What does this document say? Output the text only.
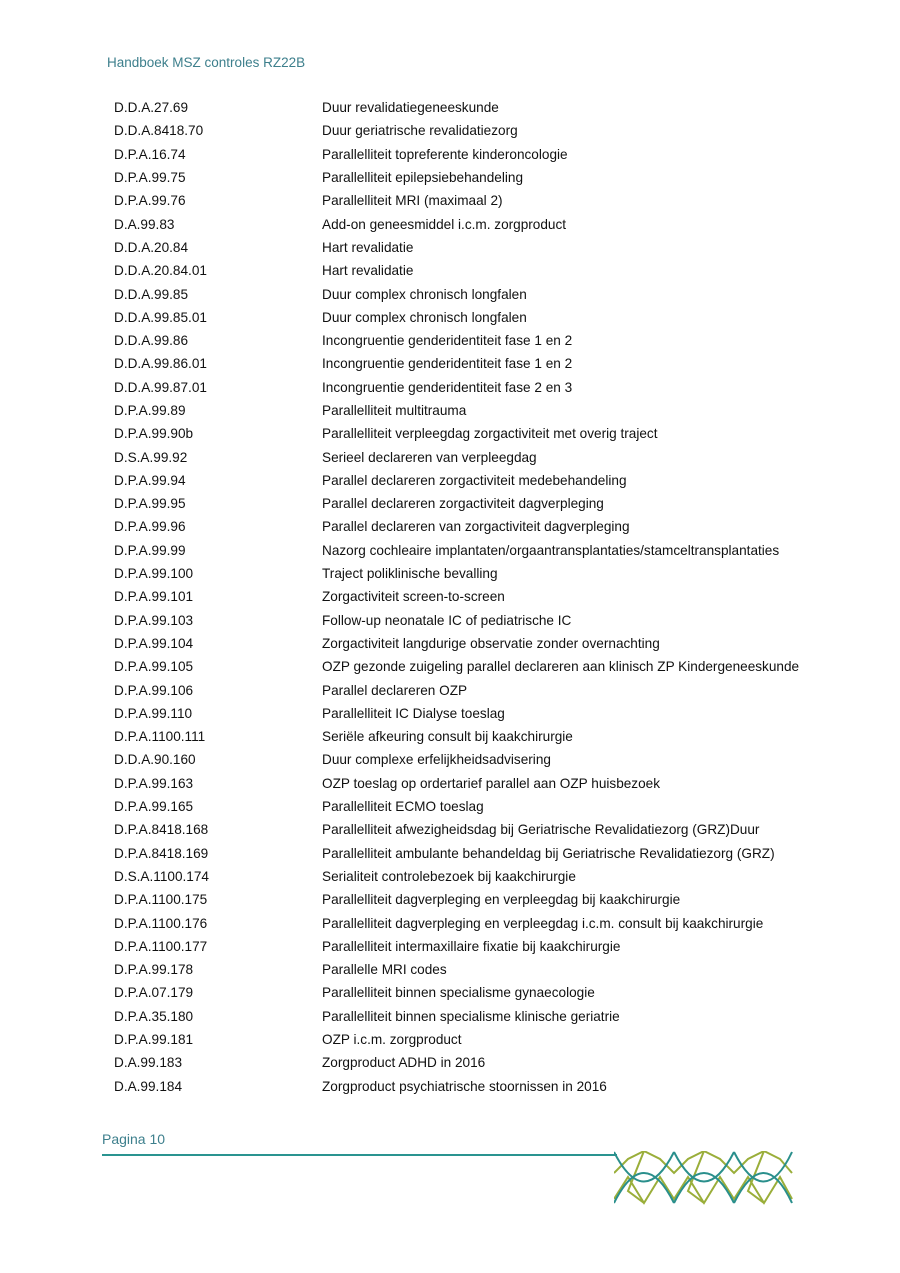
Handboek MSZ controles RZ22B
D.D.A.27.69	Duur revalidatiegeneeskunde
D.D.A.8418.70	Duur geriatrische revalidatiezorg
D.P.A.16.74	Parallelliteit topreferente kinderoncologie
D.P.A.99.75	Parallelliteit epilepsiebehandeling
D.P.A.99.76	Parallelliteit MRI (maximaal 2)
D.A.99.83	Add-on geneesmiddel i.c.m. zorgproduct
D.D.A.20.84	Hart revalidatie
D.D.A.20.84.01	Hart revalidatie
D.D.A.99.85	Duur complex chronisch longfalen
D.D.A.99.85.01	Duur complex chronisch longfalen
D.D.A.99.86	Incongruentie genderidentiteit fase 1 en 2
D.D.A.99.86.01	Incongruentie genderidentiteit fase 1 en 2
D.D.A.99.87.01	Incongruentie genderidentiteit fase 2 en 3
D.P.A.99.89	Parallelliteit multitrauma
D.P.A.99.90b	Parallelliteit verpleegdag zorgactiviteit met overig traject
D.S.A.99.92	Serieel declareren van verpleegdag
D.P.A.99.94	Parallel declareren zorgactiviteit medebehandeling
D.P.A.99.95	Parallel declareren zorgactiviteit dagverpleging
D.P.A.99.96	Parallel declareren van zorgactiviteit dagverpleging
D.P.A.99.99	Nazorg cochleaire implantaten/orgaantransplantaties/stamceltransplantaties
D.P.A.99.100	Traject poliklinische bevalling
D.P.A.99.101	Zorgactiviteit screen-to-screen
D.P.A.99.103	Follow-up neonatale IC of pediatrische IC
D.P.A.99.104	Zorgactiviteit langdurige observatie zonder overnachting
D.P.A.99.105	OZP gezonde zuigeling parallel declareren aan klinisch ZP Kindergeneeskunde
D.P.A.99.106	Parallel declareren OZP
D.P.A.99.110	Parallelliteit IC Dialyse toeslag
D.P.A.1100.111	Seriële afkeuring consult bij kaakchirurgie
D.D.A.90.160	Duur complexe erfelijkheidsadvisering
D.P.A.99.163	OZP toeslag op ordertarief parallel aan OZP huisbezoek
D.P.A.99.165	Parallelliteit ECMO toeslag
D.P.A.8418.168	Parallelliteit afwezigheidsdag bij Geriatrische Revalidatiezorg (GRZ)Duur
D.P.A.8418.169	Parallelliteit ambulante behandeldag bij Geriatrische Revalidatiezorg (GRZ)
D.S.A.1100.174	Serialiteit controlebezoek bij kaakchirurgie
D.P.A.1100.175	Parallelliteit dagverpleging en verpleegdag bij kaakchirurgie
D.P.A.1100.176	Parallelliteit dagverpleging en verpleegdag i.c.m. consult bij kaakchirurgie
D.P.A.1100.177	Parallelliteit intermaxillaire fixatie bij kaakchirurgie
D.P.A.99.178	Parallelle MRI codes
D.P.A.07.179	Parallelliteit binnen specialisme gynaecologie
D.P.A.35.180	Parallelliteit binnen specialisme klinische geriatrie
D.P.A.99.181	OZP i.c.m. zorgproduct
D.A.99.183	Zorgproduct ADHD in 2016
D.A.99.184	Zorgproduct psychiatrische stoornissen in 2016
Pagina 10
